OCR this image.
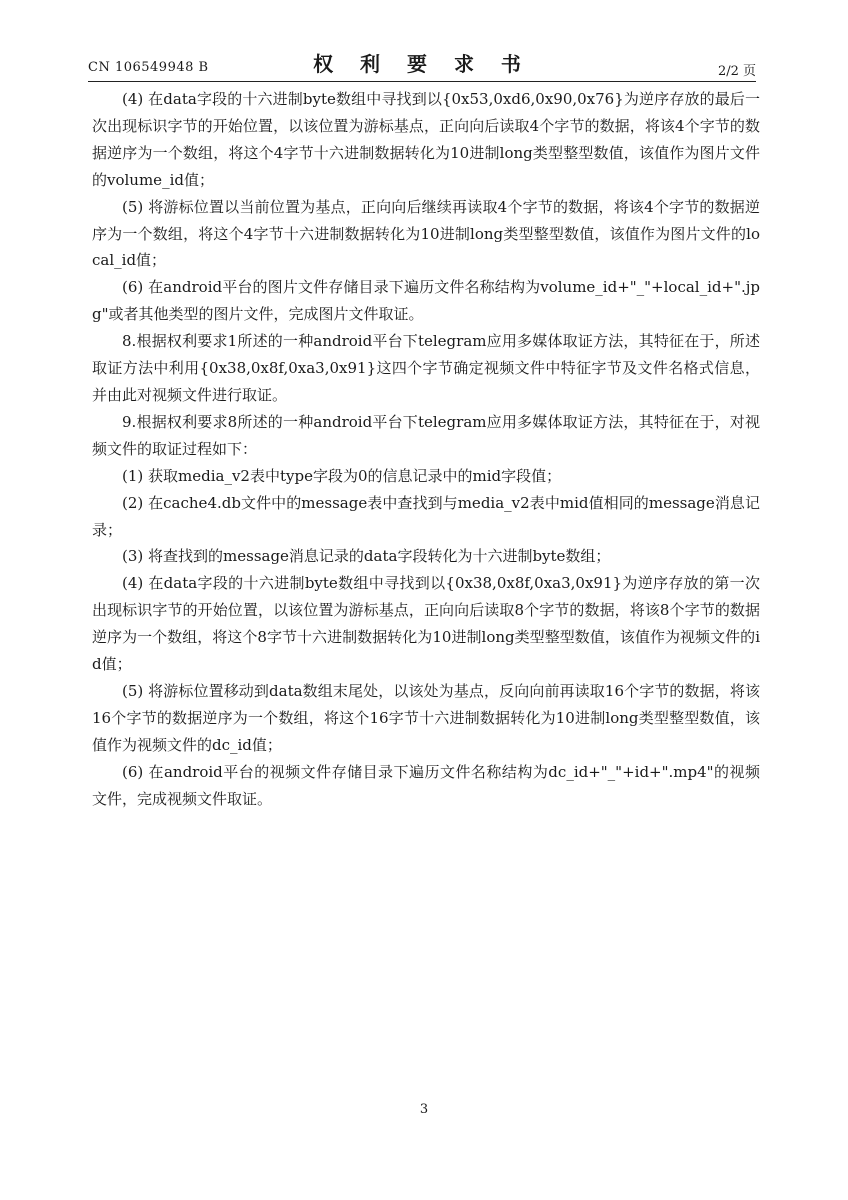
CN 106549948 B	权 利 要 求 书	2/2 页

(4) 在data字段的十六进制byte数组中寻找到以{0x53,0xd6,0x90,0x76}为逆序存放的最后一次出现标识字节的开始位置，以该位置为游标基点，正向向后读取4个字节的数据，将该4个字节的数据逆序为一个数组，将这个4字节十六进制数据转化为10进制long类型整型数值，该值作为图片文件的volume_id值；

(5) 将游标位置以当前位置为基点，正向向后继续再读取4个字节的数据，将该4个字节的数据逆序为一个数组，将这个4字节十六进制数据转化为10进制long类型整型数值，该值作为图片文件的local_id值；

(6) 在android平台的图片文件存储目录下遍历文件名称结构为volume_id+"_"+local_id+".jpg"或者其他类型的图片文件，完成图片文件取证。

8.根据权利要求1所述的一种android平台下telegram应用多媒体取证方法，其特征在于，所述取证方法中利用{0x38,0x8f,0xa3,0x91}这四个字节确定视频文件中特征字节及文件名格式信息，并由此对视频文件进行取证。

9.根据权利要求8所述的一种android平台下telegram应用多媒体取证方法，其特征在于，对视频文件的取证过程如下：

(1) 获取media_v2表中type字段为0的信息记录中的mid字段值；

(2) 在cache4.db文件中的message表中查找到与media_v2表中mid值相同的message消息记录；

(3) 将查找到的message消息记录的data字段转化为十六进制byte数组；

(4) 在data字段的十六进制byte数组中寻找到以{0x38,0x8f,0xa3,0x91}为逆序存放的第一次出现标识字节的开始位置，以该位置为游标基点，正向向后读取8个字节的数据，将该8个字节的数据逆序为一个数组，将这个8字节十六进制数据转化为10进制long类型整型数值，该值作为视频文件的id值；

(5) 将游标位置移动到data数组末尾处，以该处为基点，反向向前再读取16个字节的数据，将该16个字节的数据逆序为一个数组，将这个16字节十六进制数据转化为10进制long类型整型数值，该值作为视频文件的dc_id值；

(6) 在android平台的视频文件存储目录下遍历文件名称结构为dc_id+"_"+id+".mp4"的视频文件，完成视频文件取证。

3
